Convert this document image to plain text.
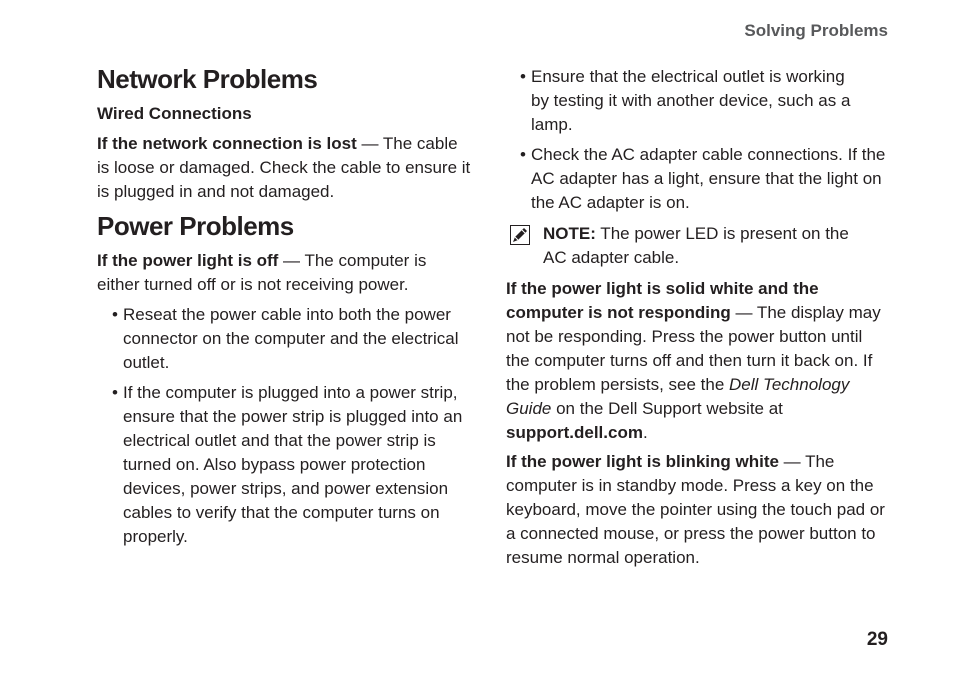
Solving Problems
Network Problems
Wired Connections
If the network connection is lost — The cable is loose or damaged. Check the cable to ensure it is plugged in and not damaged.
Power Problems
If the power light is off — The computer is either turned off or is not receiving power.
• Reseat the power cable into both the power connector on the computer and the electrical outlet.
• If the computer is plugged into a power strip, ensure that the power strip is plugged into an electrical outlet and that the power strip is turned on. Also bypass power protection devices, power strips, and power extension cables to verify that the computer turns on properly.
• Ensure that the electrical outlet is working by testing it with another device, such as a lamp.
• Check the AC adapter cable connections. If the AC adapter has a light, ensure that the light on the AC adapter is on.
NOTE: The power LED is present on the AC adapter cable.
If the power light is solid white and the computer is not responding — The display may not be responding. Press the power button until the computer turns off and then turn it back on. If the problem persists, see the Dell Technology Guide on the Dell Support website at support.dell.com.
If the power light is blinking white — The computer is in standby mode. Press a key on the keyboard, move the pointer using the touch pad or a connected mouse, or press the power button to resume normal operation.
29
